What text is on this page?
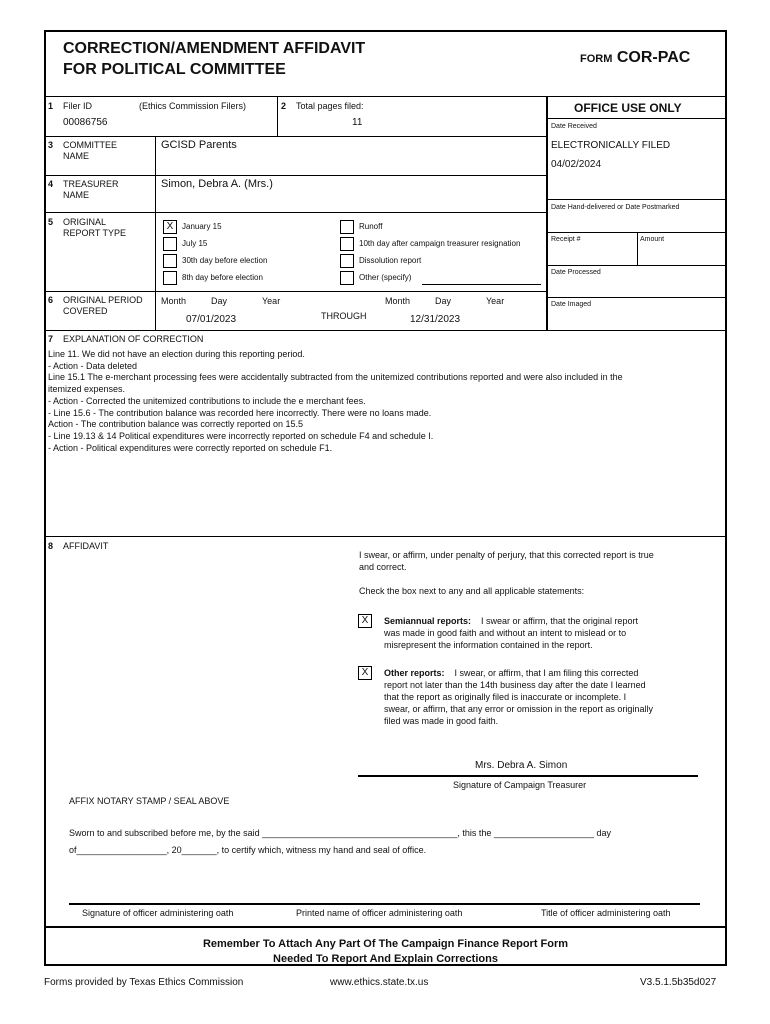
CORRECTION/AMENDMENT AFFIDAVIT
FOR POLITICAL COMMITTEE
FORM COR-PAC
1 Filer ID	(Ethics Commission Filers)
00086756
2 Total pages filed:
11
3 COMMITTEE
NAME
GCISD Parents
4 TREASURER
NAME
Simon, Debra A. (Mrs.)
5 ORIGINAL
REPORT TYPE
X	January 15
July 15
30th day before election
8th day before election
Runoff
10th day after campaign treasurer resignation
Dissolution report
Other (specify)
6 ORIGINAL PERIOD
COVERED
Month	Day	Year
07/01/2023	THROUGH
Month	Day	Year
12/31/2023
OFFICE USE ONLY
Date Received
ELECTRONICALLY FILED
04/02/2024
Date Hand-delivered or Date Postmarked
Receipt #	Amount
Date Processed
Date Imaged
7 EXPLANATION OF CORRECTION
Line 11. We did not have an election during this reporting period.
- Action - Data deleted
Line 15.1 The e-merchant processing fees were accidentally subtracted from the unitemized contributions reported and were also included in the
itemized expenses.
- Action - Corrected the unitemized contributions to include the e merchant fees.
- Line 15.6 - The contribution balance was recorded here incorrectly. There were no loans made.
Action - The contribution balance was correctly reported on 15.5
- Line 19.13 & 14 Political expenditures were incorrectly reported on schedule F4 and schedule I.
- Action - Political expenditures were correctly reported on schedule F1.
8 AFFIDAVIT
I swear, or affirm, under penalty of perjury, that this corrected report is true
and correct.
Check the box next to any and all applicable statements:
X	Semiannual reports: I swear or affirm, that the original report
was made in good faith and without an intent to mislead or to
misrepresent the information contained in the report.
X	Other reports: I swear, or affirm, that I am filing this corrected
report not later than the 14th business day after the date I learned
that the report as originally filed is inaccurate or incomplete. I
swear, or affirm, that any error or omission in the report as originally
filed was made in good faith.
Mrs. Debra A. Simon
Signature of Campaign Treasurer
AFFIX NOTARY STAMP / SEAL ABOVE
Sworn to and subscribed before me, by the said _______________________________________, this the ____________________ day
of__________________, 20_______, to certify which, witness my hand and seal of office.
Signature of officer administering oath	Printed name of officer administering oath	Title of officer administering oath
Remember To Attach Any Part Of The Campaign Finance Report Form
Needed To Report And Explain Corrections
Forms provided by Texas Ethics Commission	www.ethics.state.tx.us	V3.5.1.5b35d027
